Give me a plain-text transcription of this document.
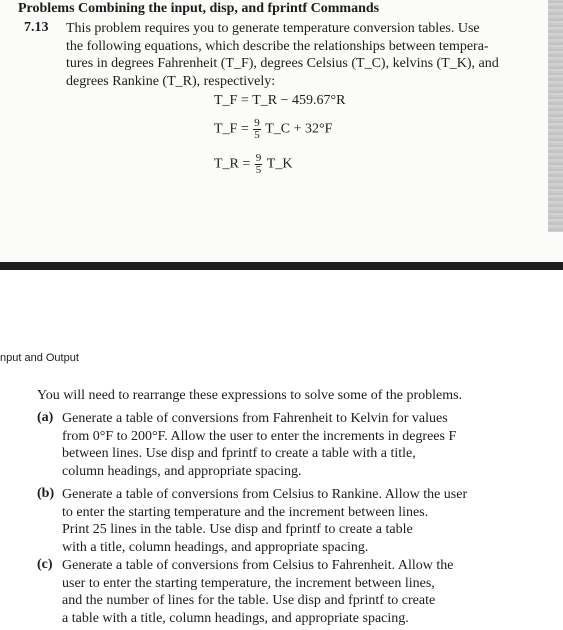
Problems Combining the input, disp, and fprintf Commands
7.13 This problem requires you to generate temperature conversion tables. Use
the following equations, which describe the relationships between tempera-
tures in degrees Fahrenheit (T_F), degrees Celsius (T_C), kelvins (T_K), and
degrees Rankine (T_R), respectively:

T_F = T_R − 459.67°R
T_F = $\frac{9}{5}$ T_C + 32°F
T_R = $\frac{9}{5}$ T_K

nput and Output

You will need to rearrange these expressions to solve some of the problems.

(a) Generate a table of conversions from Fahrenheit to Kelvin for values
from 0°F to 200°F. Allow the user to enter the increments in degrees F
between lines. Use disp and fprintf to create a table with a title,
column headings, and appropriate spacing.

(b) Generate a table of conversions from Celsius to Rankine. Allow the user
to enter the starting temperature and the increment between lines.
Print 25 lines in the table. Use disp and fprintf to create a table
with a title, column headings, and appropriate spacing.

(c) Generate a table of conversions from Celsius to Fahrenheit. Allow the
user to enter the starting temperature, the increment between lines,
and the number of lines for the table. Use disp and fprintf to create
a table with a title, column headings, and appropriate spacing.
